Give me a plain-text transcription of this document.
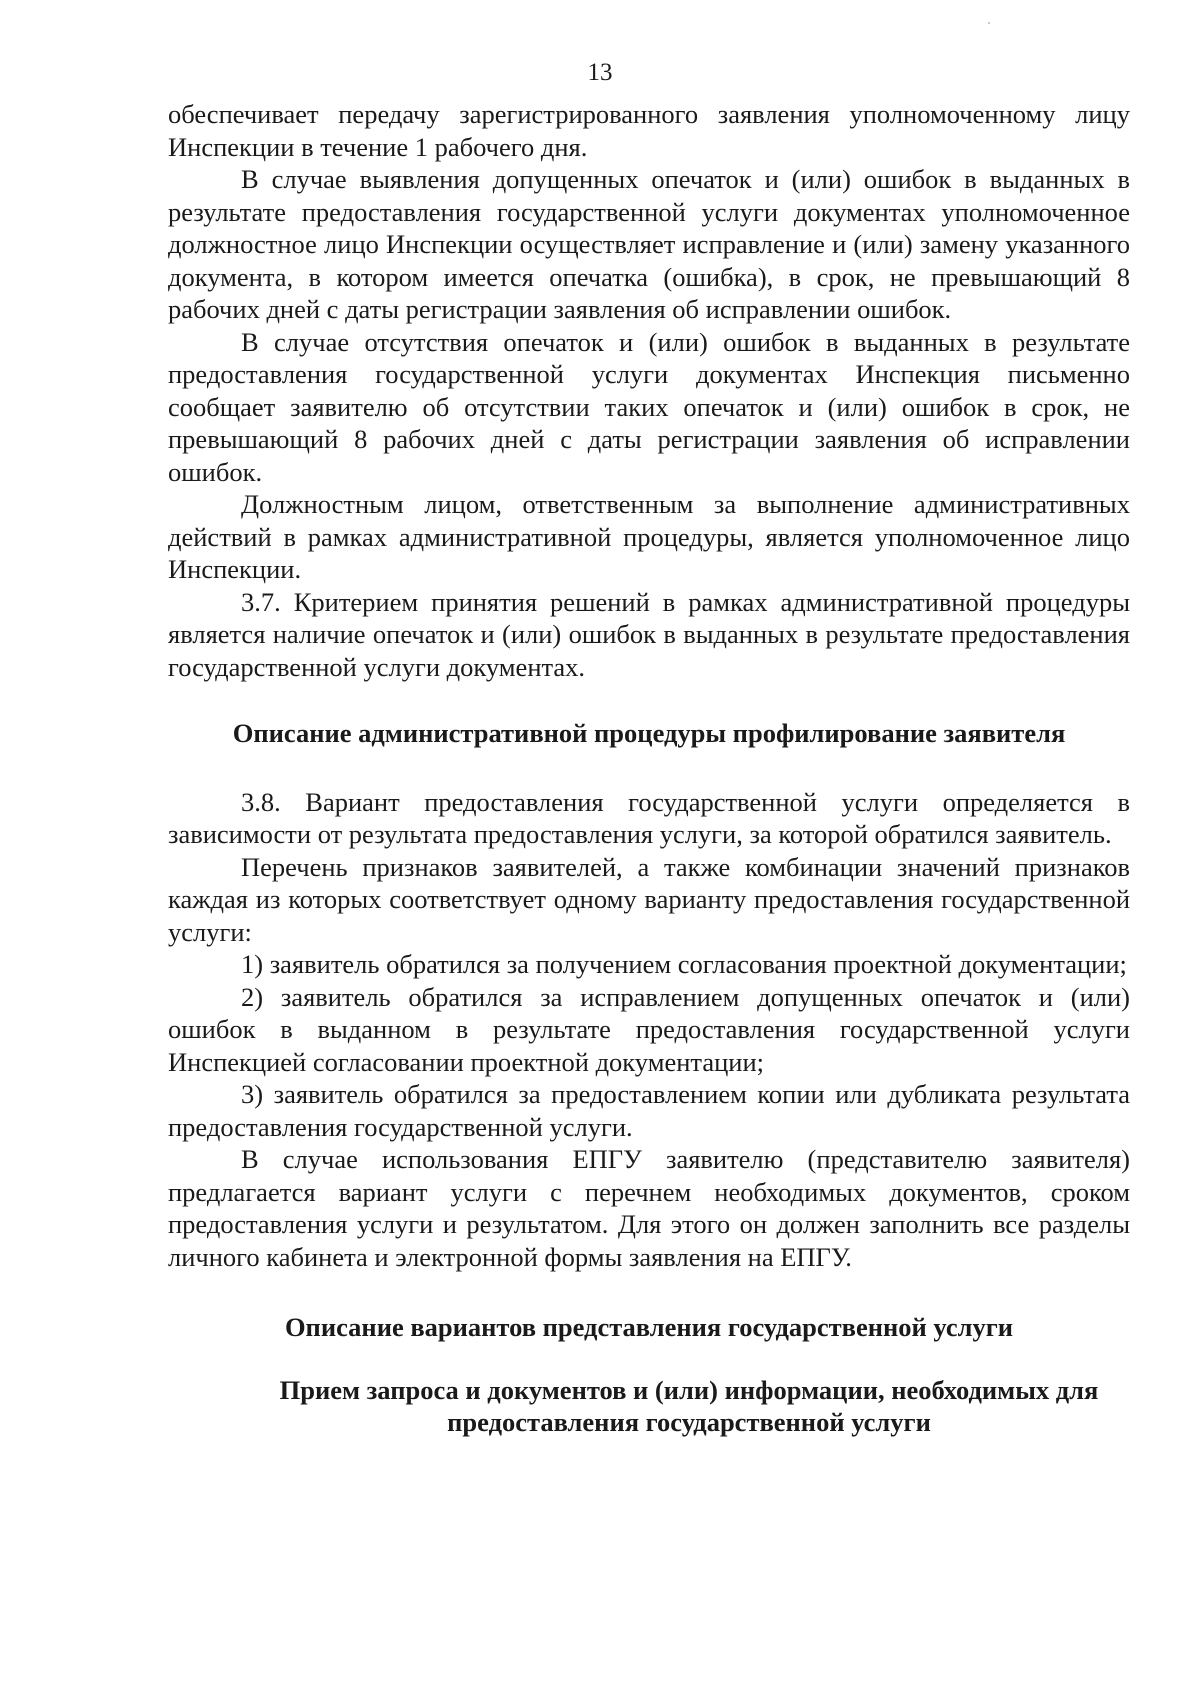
13

обеспечивает передачу зарегистрированного заявления уполномоченному лицу Инспекции в течение 1 рабочего дня.

В случае выявления допущенных опечаток и (или) ошибок в выданных в результате предоставления государственной услуги документах уполномоченное должностное лицо Инспекции осуществляет исправление и (или) замену указанного документа, в котором имеется опечатка (ошибка), в срок, не превышающий 8 рабочих дней с даты регистрации заявления об исправлении ошибок.

В случае отсутствия опечаток и (или) ошибок в выданных в результате предоставления государственной услуги документах Инспекция письменно сообщает заявителю об отсутствии таких опечаток и (или) ошибок в срок, не превышающий 8 рабочих дней с даты регистрации заявления об исправлении ошибок.

Должностным лицом, ответственным за выполнение административных действий в рамках административной процедуры, является уполномоченное лицо Инспекции.

3.7. Критерием принятия решений в рамках административной процедуры является наличие опечаток и (или) ошибок в выданных в результате предоставления государственной услуги документах.

Описание административной процедуры профилирование заявителя

3.8. Вариант предоставления государственной услуги определяется в зависимости от результата предоставления услуги, за которой обратился заявитель.

Перечень признаков заявителей, а также комбинации значений признаков каждая из которых соответствует одному варианту предоставления государственной услуги:

1) заявитель обратился за получением согласования проектной документации;

2) заявитель обратился за исправлением допущенных опечаток и (или) ошибок в выданном в результате предоставления государственной услуги Инспекцией согласовании проектной документации;

3) заявитель обратился за предоставлением копии или дубликата результата предоставления государственной услуги.

В случае использования ЕПГУ заявителю (представителю заявителя) предлагается вариант услуги с перечнем необходимых документов, сроком предоставления услуги и результатом. Для этого он должен заполнить все разделы личного кабинета и электронной формы заявления на ЕПГУ.

Описание вариантов представления государственной услуги
Прием запроса и документов и (или) информации, необходимых для предоставления государственной услуги
